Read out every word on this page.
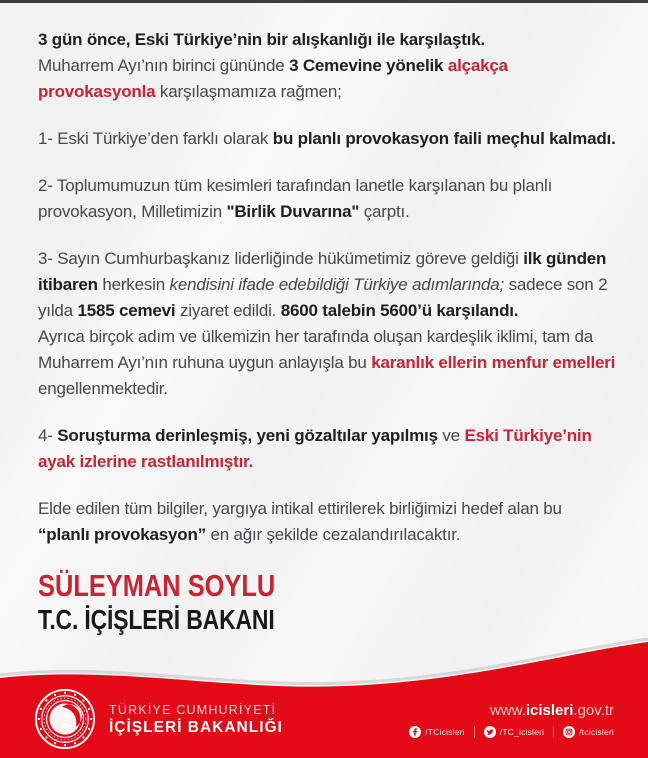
3 gün önce, Eski Türkiye’nin bir alışkanlığı ile karşılaştık.
Muharrem Ayı’nın birinci gününde 3 Cemevine yönelik alçakça provokasyonla karşılaşmamıza rağmen;

1- Eski Türkiye’den farklı olarak bu planlı provokasyon faili meçhul kalmadı.

2- Toplumumuzun tüm kesimleri tarafından lanetle karşılanan bu planlı provokasyon, Milletimizin "Birlik Duvarına" çarptı.

3- Sayın Cumhurbaşkanız liderliğinde hükümetimiz göreve geldiği ilk günden itibaren herkesin kendisini ifade edebildiği Türkiye adımlarında; sadece son 2 yılda 1585 cemevi ziyaret edildi. 8600 talebin 5600’ü karşılandı.
Ayrıca birçok adım ve ülkemizin her tarafında oluşan kardeşlik iklimi, tam da Muharrem Ayı’nın ruhuna uygun anlayışla bu karanlık ellerin menfur emelleri engellenmektedir.

4- Soruşturma derinleşmiş, yeni gözaltılar yapılmış ve Eski Türkiye’nin ayak izlerine rastlanılmıştır.

Elde edilen tüm bilgiler, yargıya intikal ettirilerek birliğimizi hedef alan bu “planlı provokasyon” en ağır şekilde cezalandırılacaktır.

SÜLEYMAN SOYLU
T.C. İÇİŞLERİ BAKANI
TÜRKİYE CUMHURİYETİ
İÇİŞLERİ BAKANLIĞI
www.icisleri.gov.tr
/TCicisleri	/TC_icisleri	/tcicisleri
